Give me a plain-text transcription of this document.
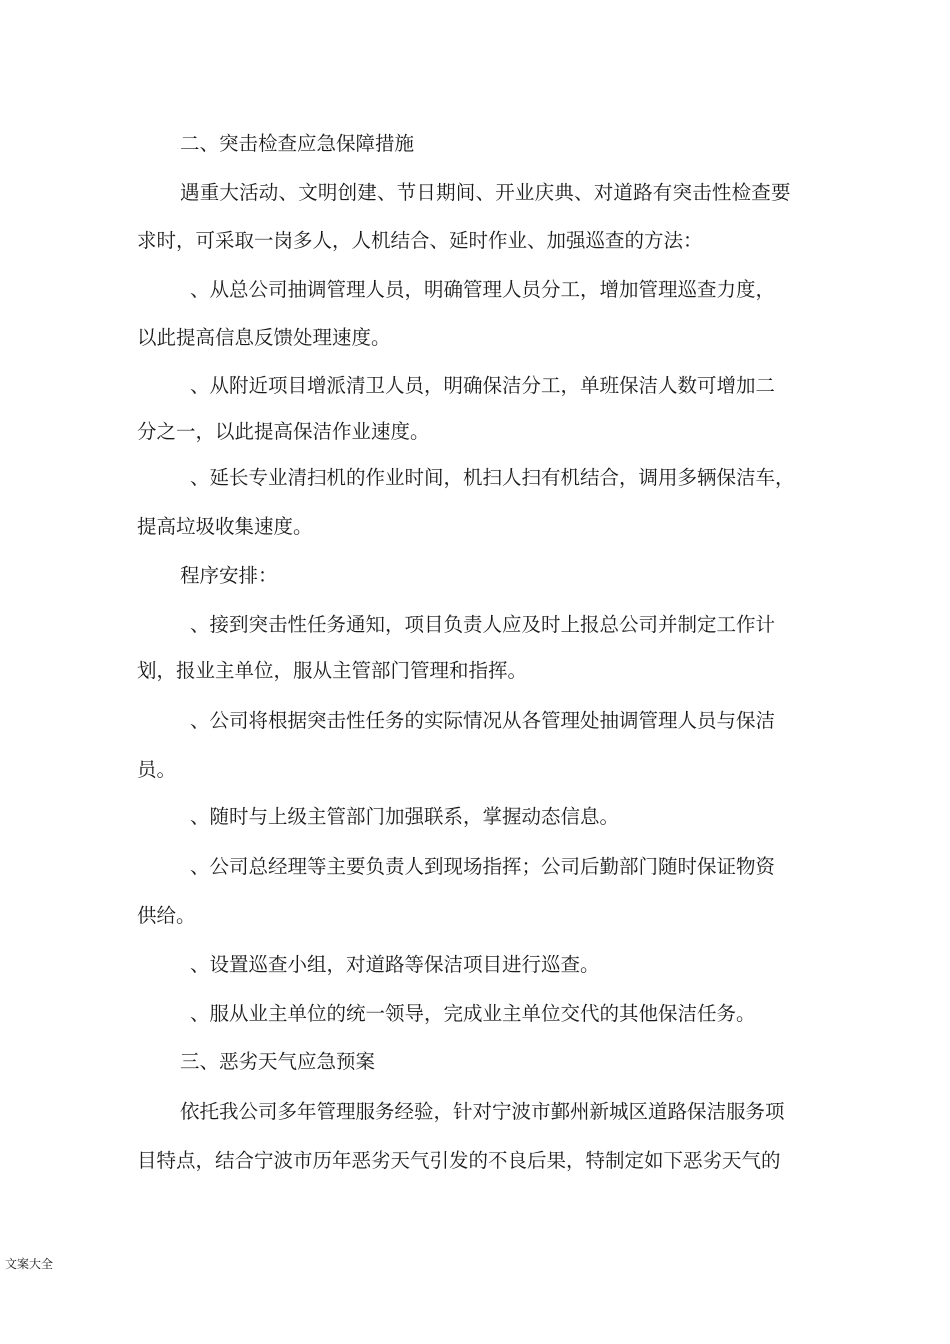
二、突击检查应急保障措施

遇重大活动、文明创建、节日期间、开业庆典、对道路有突击性检查要

求时，可采取一岗多人，人机结合、延时作业、加强巡查的方法：

、从总公司抽调管理人员，明确管理人员分工，增加管理巡查力度，

以此提高信息反馈处理速度。

、从附近项目增派清卫人员，明确保洁分工，单班保洁人数可增加二

分之一，以此提高保洁作业速度。

、延长专业清扫机的作业时间，机扫人扫有机结合，调用多辆保洁车，

提高垃圾收集速度。

程序安排：

、接到突击性任务通知，项目负责人应及时上报总公司并制定工作计

划，报业主单位，服从主管部门管理和指挥。

、公司将根据突击性任务的实际情况从各管理处抽调管理人员与保洁

员。

、随时与上级主管部门加强联系，掌握动态信息。

、公司总经理等主要负责人到现场指挥；公司后勤部门随时保证物资

供给。

、设置巡查小组，对道路等保洁项目进行巡查。

、服从业主单位的统一领导，完成业主单位交代的其他保洁任务。

三、恶劣天气应急预案

依托我公司多年管理服务经验，针对宁波市鄞州新城区道路保洁服务项

目特点，结合宁波市历年恶劣天气引发的不良后果，特制定如下恶劣天气的

文案大全
